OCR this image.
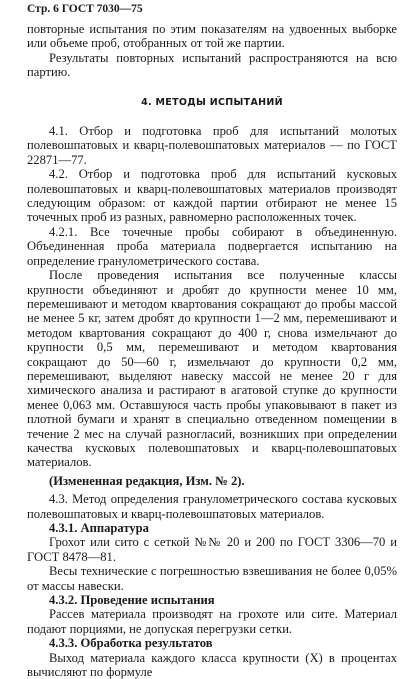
Стр. 6 ГОСТ 7030—75

повторные испытания по этим показателям на удвоенных выборке или объеме проб, отобранных от той же партии.

Результаты повторных испытаний распространяются на всю партию.

4. МЕТОДЫ ИСПЫТАНИЙ

4.1. Отбор и подготовка проб для испытаний молотых полевошпатовых и кварц-полевошпатовых материалов — по ГОСТ 22871—77.

4.2. Отбор и подготовка проб для испытаний кусковых полевошпатовых и кварц-полевошпатовых материалов производят следующим образом: от каждой партии отбирают не менее 15 точечных проб из разных, равномерно расположенных точек.

4.2.1. Все точечные пробы собирают в объединенную. Объединенная проба материала подвергается испытанию на определение гранулометрического состава.

После проведения испытания все полученные классы крупности объединяют и дробят до крупности менее 10 мм, перемешивают и методом квартования сокращают до пробы массой не менее 5 кг, затем дробят до крупности 1—2 мм, перемешивают и методом квартования сокращают до 400 г, снова измельчают до крупности 0,5 мм, перемешивают и методом квартования сокращают до 50—60 г, измельчают до крупности 0,2 мм, перемешивают, выделяют навеску массой не менее 20 г для химического анализа и растирают в агатовой ступке до крупности менее 0,063 мм. Оставшуюся часть пробы упаковывают в пакет из плотной бумаги и хранят в специально отведенном помещении в течение 2 мес на случай разногласий, возникших при определении качества кусковых полевошпатовых и кварц-полевошпатовых материалов.

(Измененная редакция, Изм. № 2).

4.3. Метод определения гранулометрического состава кусковых полевошпатовых и кварц-полевошпатовых материалов.

4.3.1. Аппаратура

Грохот или сито с сеткой №№ 20 и 200 по ГОСТ 3306—70 и ГОСТ 8478—81.

Весы технические с погрешностью взвешивания не более 0,05% от массы навески.

4.3.2. Проведение испытания

Рассев материала производят на грохоте или сите. Материал подают порциями, не допуская перегрузки сетки.

4.3.3. Обработка результатов

Выход материала каждого класса крупности (X) в процентах вычисляют по формуле
